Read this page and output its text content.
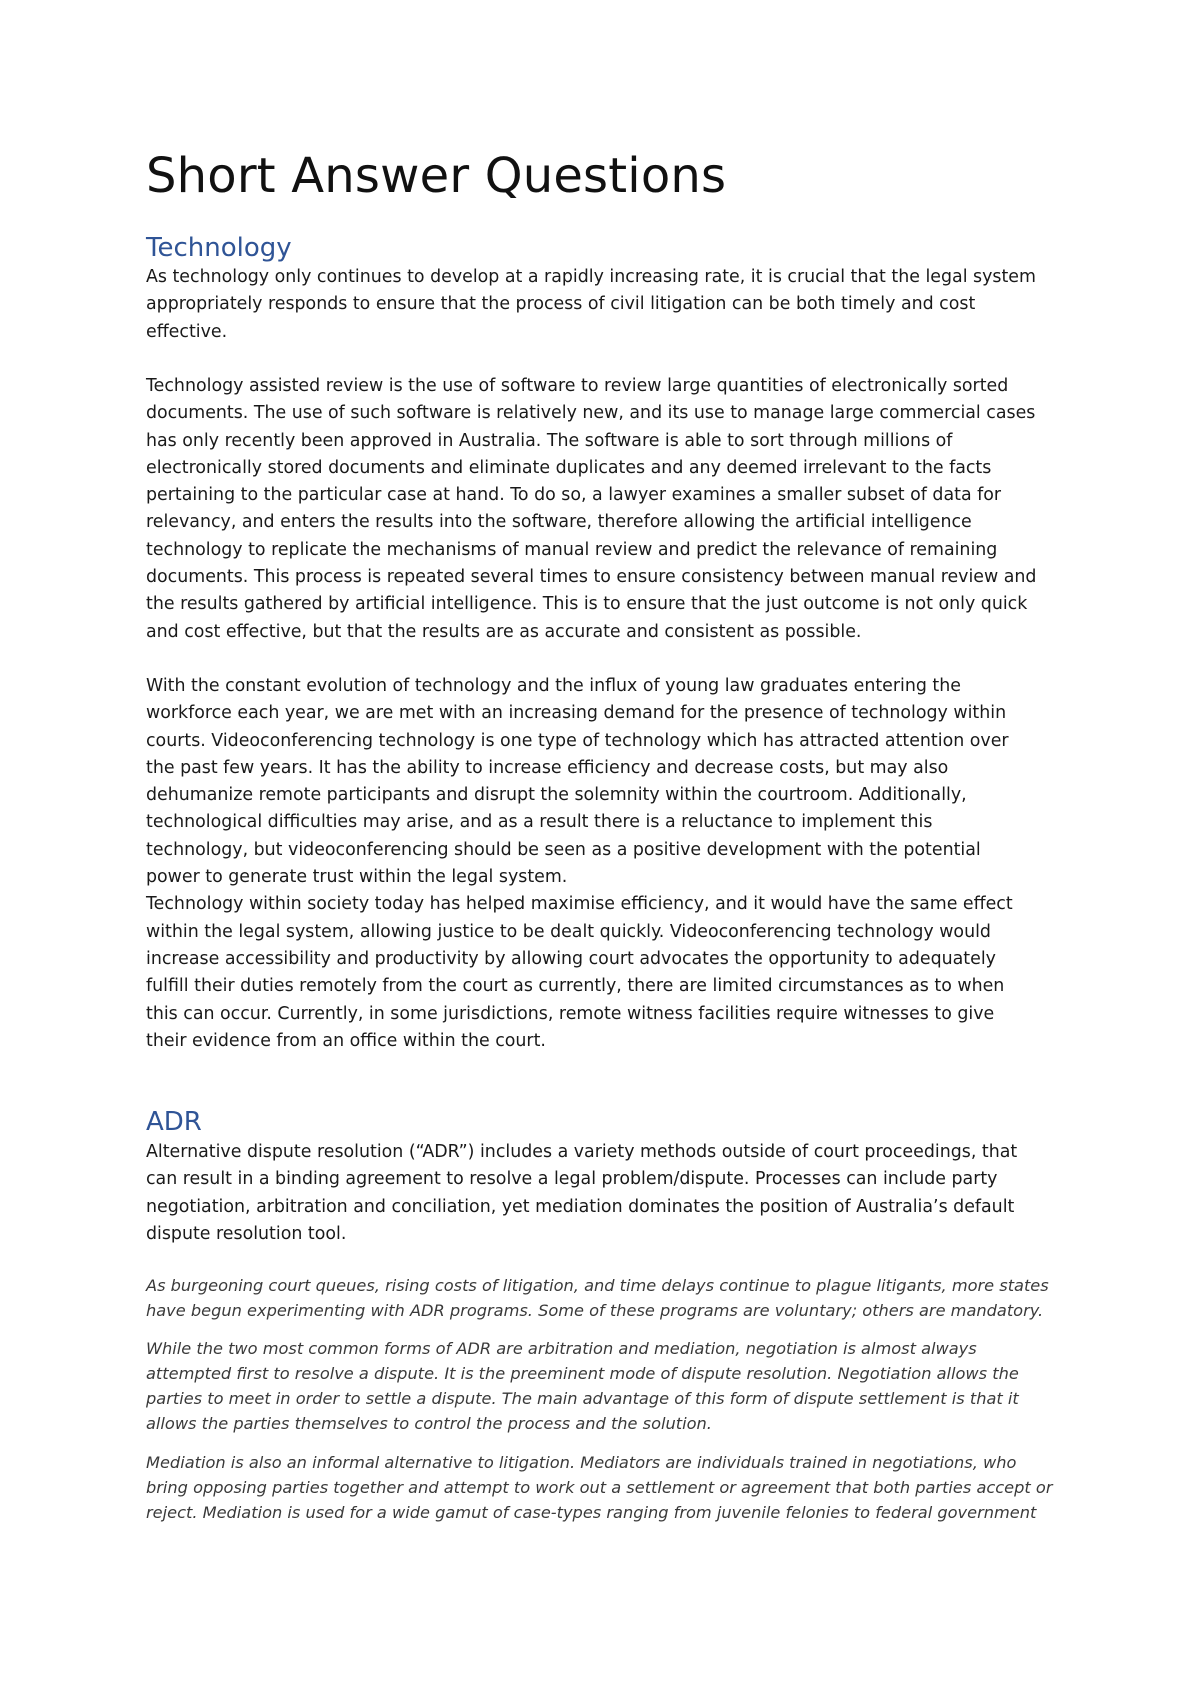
Short Answer Questions
Technology

As technology only continues to develop at a rapidly increasing rate, it is crucial that the legal system
appropriately responds to ensure that the process of civil litigation can be both timely and cost
effective.

Technology assisted review is the use of software to review large quantities of electronically sorted
documents. The use of such software is relatively new, and its use to manage large commercial cases
has only recently been approved in Australia. The software is able to sort through millions of
electronically stored documents and eliminate duplicates and any deemed irrelevant to the facts
pertaining to the particular case at hand. To do so, a lawyer examines a smaller subset of data for
relevancy, and enters the results into the software, therefore allowing the artificial intelligence
technology to replicate the mechanisms of manual review and predict the relevance of remaining
documents. This process is repeated several times to ensure consistency between manual review and
the results gathered by artificial intelligence. This is to ensure that the just outcome is not only quick
and cost effective, but that the results are as accurate and consistent as possible.

With the constant evolution of technology and the influx of young law graduates entering the
workforce each year, we are met with an increasing demand for the presence of technology within
courts. Videoconferencing technology is one type of technology which has attracted attention over
the past few years. It has the ability to increase efficiency and decrease costs, but may also
dehumanize remote participants and disrupt the solemnity within the courtroom. Additionally,
technological difficulties may arise, and as a result there is a reluctance to implement this
technology, but videoconferencing should be seen as a positive development with the potential
power to generate trust within the legal system.
Technology within society today has helped maximise efficiency, and it would have the same effect
within the legal system, allowing justice to be dealt quickly. Videoconferencing technology would
increase accessibility and productivity by allowing court advocates the opportunity to adequately
fulfill their duties remotely from the court as currently, there are limited circumstances as to when
this can occur. Currently, in some jurisdictions, remote witness facilities require witnesses to give
their evidence from an office within the court.

ADR

Alternative dispute resolution (“ADR”) includes a variety methods outside of court proceedings, that
can result in a binding agreement to resolve a legal problem/dispute. Processes can include party
negotiation, arbitration and conciliation, yet mediation dominates the position of Australia’s default
dispute resolution tool.

As burgeoning court queues, rising costs of litigation, and time delays continue to plague litigants, more states
have begun experimenting with ADR programs. Some of these programs are voluntary; others are mandatory.

While the two most common forms of ADR are arbitration and mediation, negotiation is almost always
attempted first to resolve a dispute. It is the preeminent mode of dispute resolution. Negotiation allows the
parties to meet in order to settle a dispute. The main advantage of this form of dispute settlement is that it
allows the parties themselves to control the process and the solution.

Mediation is also an informal alternative to litigation. Mediators are individuals trained in negotiations, who
bring opposing parties together and attempt to work out a settlement or agreement that both parties accept or
reject. Mediation is used for a wide gamut of case-types ranging from juvenile felonies to federal government
